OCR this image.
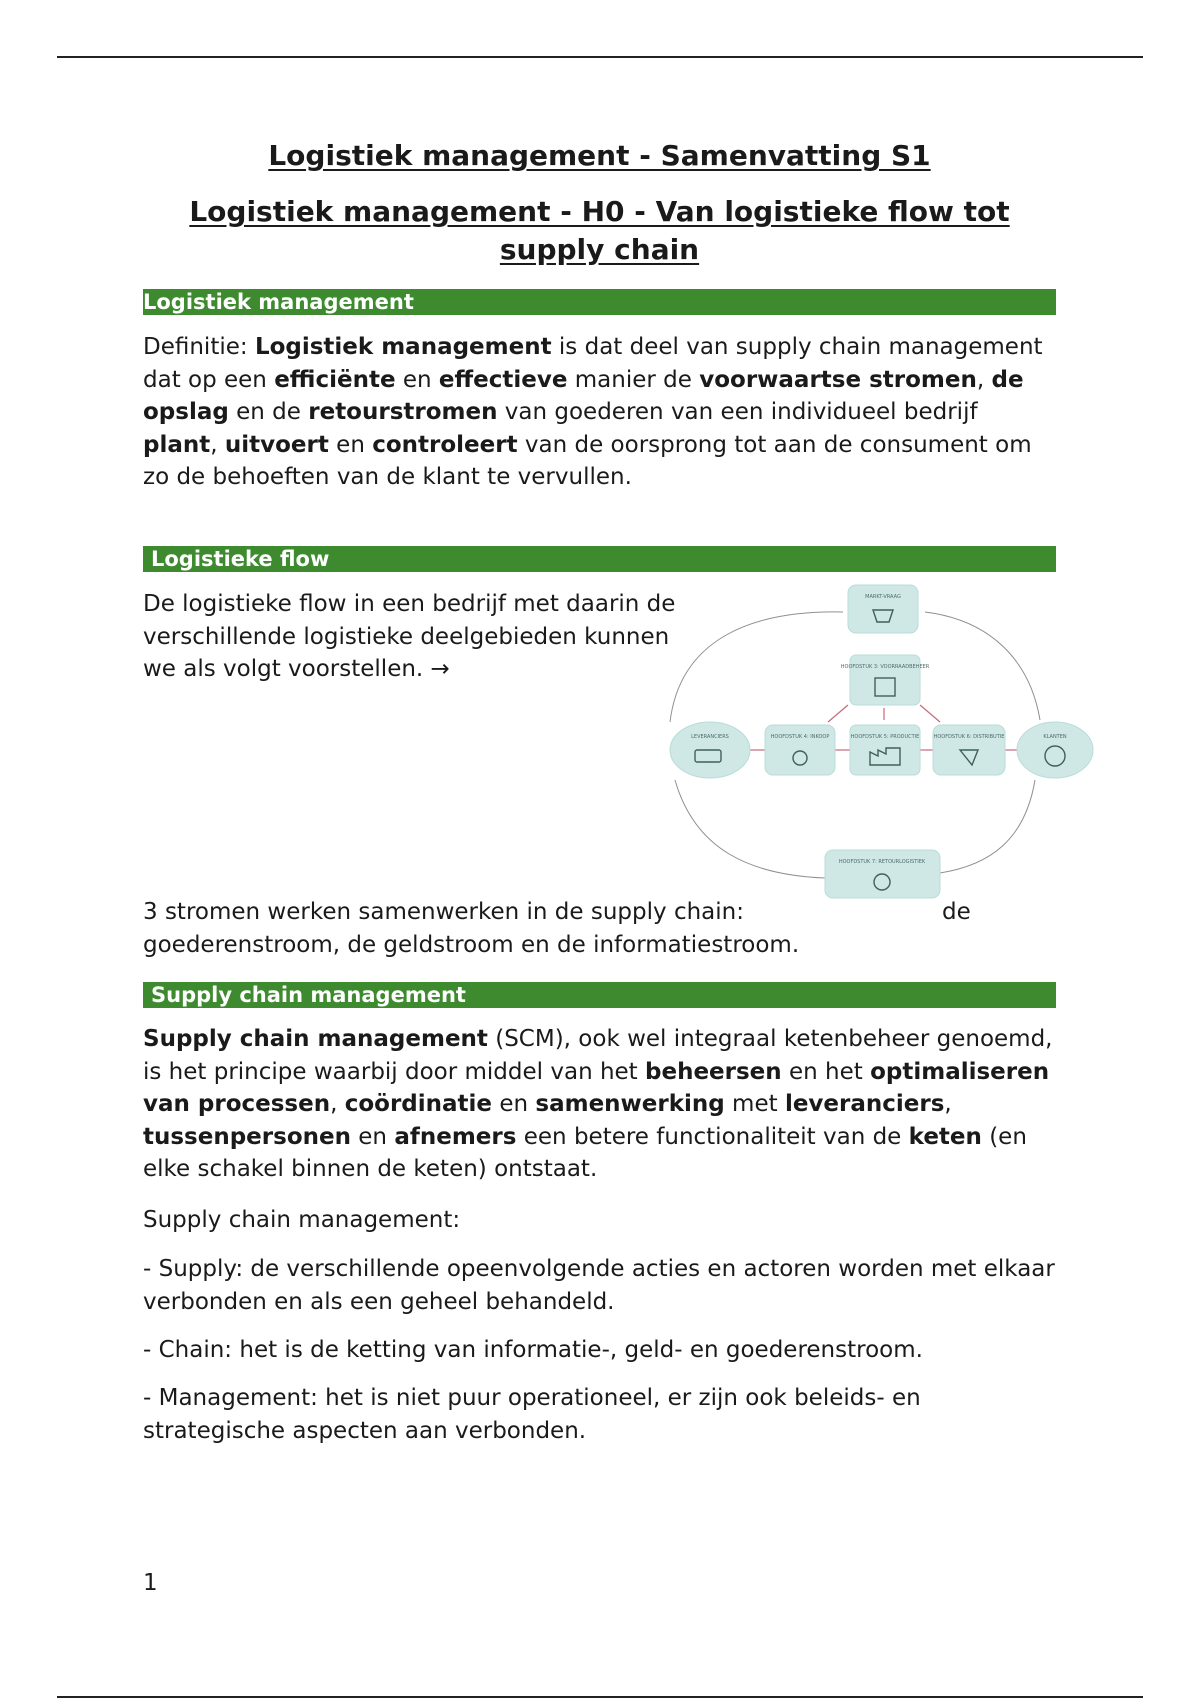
Logistiek management - Samenvatting S1
Logistiek management - H0 - Van logistieke flow tot
supply chain
Logistiek management

Definitie: Logistiek management is dat deel van supply chain management dat op een efficiënte en effectieve manier de voorwaartse stromen, de opslag en de retourstromen van goederen van een individueel bedrijf plant, uitvoert en controleert van de oorsprong tot aan de consument om zo de behoeften van de klant te vervullen.

Logistieke flow

De logistieke flow in een bedrijf met daarin de verschillende logistieke deelgebieden kunnen we als volgt voorstellen. →

3 stromen werken samenwerken in de supply chain:	de
goederenstroom, de geldstroom en de informatiestroom.

Supply chain management

Supply chain management (SCM), ook wel integraal ketenbeheer genoemd, is het principe waarbij door middel van het beheersen en het optimaliseren van processen, coördinatie en samenwerking met leveranciers, tussenpersonen en afnemers een betere functionaliteit van de keten (en elke schakel binnen de keten) ontstaat.

Supply chain management:

- Supply: de verschillende opeenvolgende acties en actoren worden met elkaar verbonden en als een geheel behandeld.

- Chain: het is de ketting van informatie-, geld- en goederenstroom.

- Management: het is niet puur operationeel, er zijn ook beleids- en strategische aspecten aan verbonden.

1
MARKT-VRAAG
HOOFDSTUK 3: VOORRAADBEHEER
LEVERANCIERS	HOOFDSTUK 4: INKOOP	HOOFDSTUK 5: PRODUCTIE	HOOFDSTUK 6: DISTRIBUTIE	KLANTEN
HOOFDSTUK 7: RETOURLOGISTIEK
